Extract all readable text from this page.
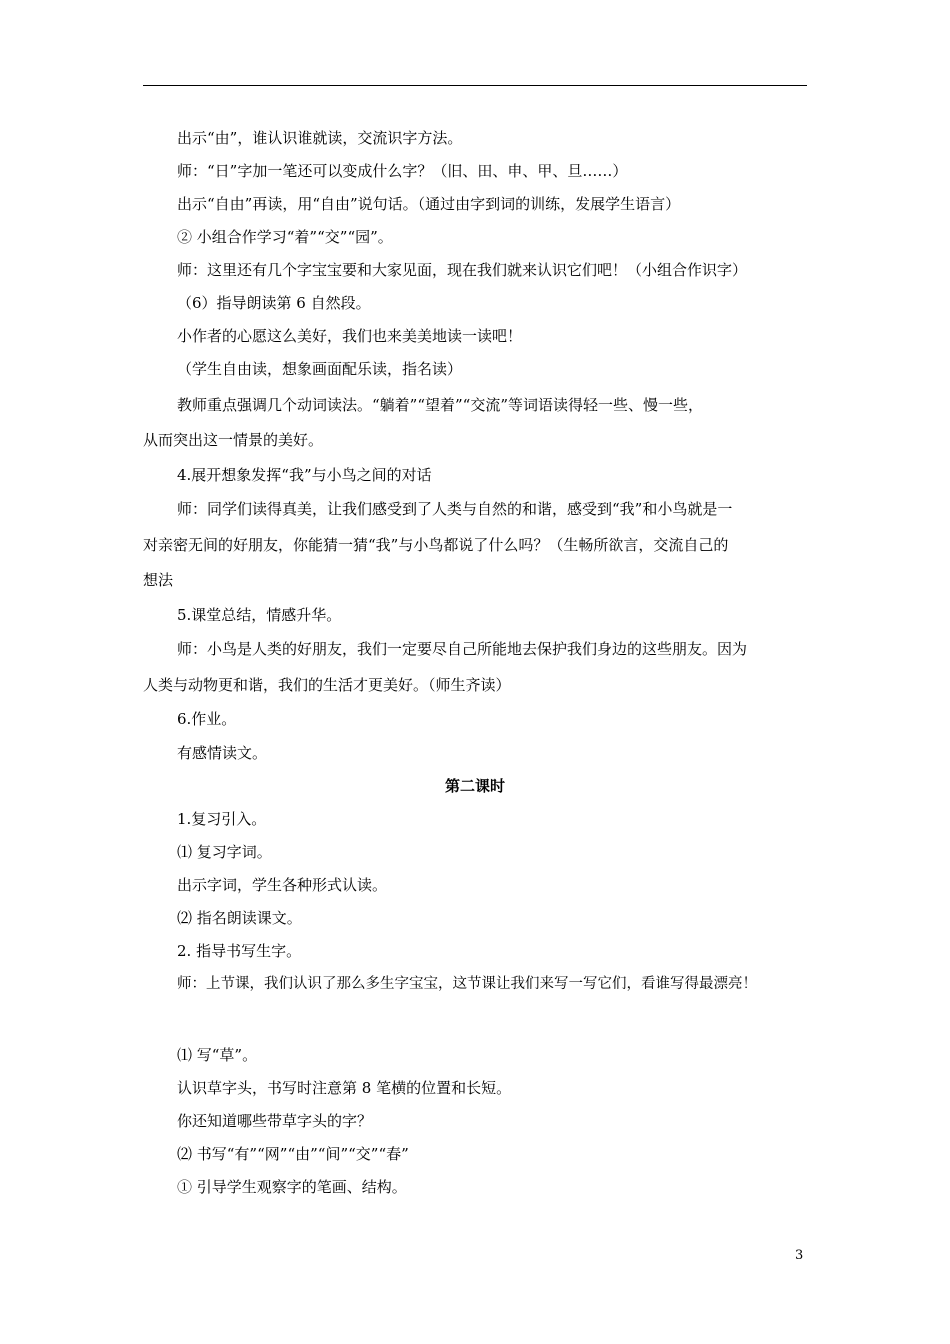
出示“由”，谁认识谁就读，交流识字方法。
师：“日”字加一笔还可以变成什么字？（旧、田、申、甲、旦……）
出示“自由”再读，用“自由”说句话。（通过由字到词的训练，发展学生语言）
② 小组合作学习“着”“交”“园”。
师：这里还有几个字宝宝要和大家见面，现在我们就来认识它们吧！（小组合作识字）
（6）指导朗读第 6 自然段。
小作者的心愿这么美好，我们也来美美地读一读吧！
（学生自由读，想象画面配乐读，指名读）
教师重点强调几个动词读法。“躺着”“望着”“交流”等词语读得轻一些、慢一些，
从而突出这一情景的美好。
4.展开想象发挥“我”与小鸟之间的对话
师：同学们读得真美，让我们感受到了人类与自然的和谐，感受到“我”和小鸟就是一
对亲密无间的好朋友，你能猜一猜“我”与小鸟都说了什么吗？（生畅所欲言，交流自己的
想法
5.课堂总结，情感升华。
师：小鸟是人类的好朋友，我们一定要尽自己所能地去保护我们身边的这些朋友。因为
人类与动物更和谐，我们的生活才更美好。（师生齐读）
6.作业。
有感情读文。
第二课时
1.复习引入。
⑴ 复习字词。
出示字词，学生各种形式认读。
⑵ 指名朗读课文。
2. 指导书写生字。
师：上节课，我们认识了那么多生字宝宝，这节课让我们来写一写它们，看谁写得最漂亮！
⑴ 写“草”。
认识草字头，书写时注意第 8 笔横的位置和长短。
你还知道哪些带草字头的字？
⑵ 书写“有”“网”“由”“间”“交”“春”
① 引导学生观察字的笔画、结构。
3
